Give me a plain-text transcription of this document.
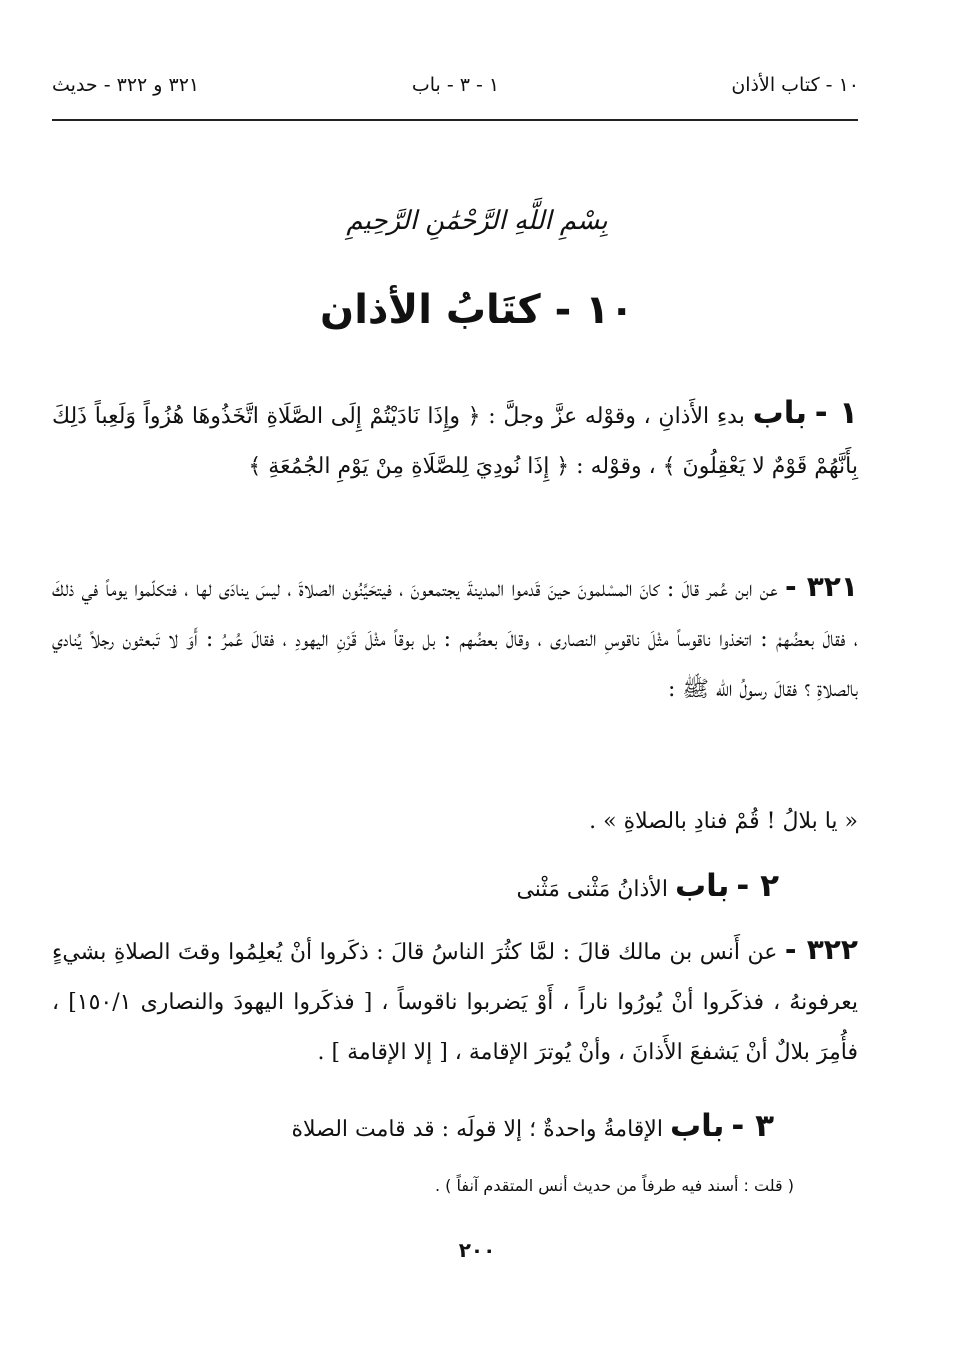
١٠ - كتاب الأذان
١ - ٣ - باب
٣٢١ و ٣٢٢ - حديث
بِسْمِ اللَّهِ الرَّحْمَٰنِ الرَّحِيمِ
١٠ - كتَابُ الأذان
١ - باب بدءِ الأَذانِ ، وقوْله عزَّ وجلَّ : ﴿ وإِذَا نَادَيْتُمْ إِلَى الصَّلَاةِ اتَّخَذُوهَا هُزُواً وَلَعِباً ذَلِكَ بِأَنَّهُمْ قَوْمٌ لا يَعْقِلُونَ ﴾ ، وقوْله : ﴿ إِذَا نُودِيَ لِلصَّلَاةِ مِنْ يَوْمِ الجُمُعَةِ ﴾
٣٢١ - عن ابن عُمر قالَ : كانَ المسْلمونَ حينَ قَدموا المدينةَ يجتمعونَ ، فيتحَيَّنُون الصلاةَ ، ليسَ ينادَى لها ، فتكلّموا يوماً في ذلكَ ، فقالَ بعضُهمْ : اتخذوا ناقوساً مثْلَ ناقوسِ النصارى ، وقالَ بعضُهم : بل بوقاً مثْلَ قَرْنِ اليهودِ ، فقالَ عُمرُ : أَوَ لا تَبعثون رجلاً يُنادي بالصلاةِ ؟ فقالَ رسولُ الله ﷺ :
« يا بلالُ ! قُمْ فنادِ بالصلاةِ » .
٢ - باب الأذانُ مَثْنى مَثْنى
٣٢٢ - عن أَنس بن مالك قالَ : لمَّا كثُرَ الناسُ قالَ : ذكَروا أنْ يُعلِمُوا وقتَ الصلاةِ بشيءٍ يعرفونهُ ، فذكَروا أنْ يُورُوا ناراً ، أَوْ يَضربوا ناقوساً ، [ فذكَروا اليهودَ والنصارى ١٥٠/١] ، فأُمِرَ بلالٌ أنْ يَشفعَ الأَذانَ ، وأنْ يُوترَ الإقامة ، [ إلا الإقامة ] .
٣ - باب الإقامةُ واحدةٌ ؛ إلا قولَه : قد قامت الصلاة
( قلت : أسند فيه طرفاً من حديث أنس المتقدم آنفاً ) .
٢٠٠
